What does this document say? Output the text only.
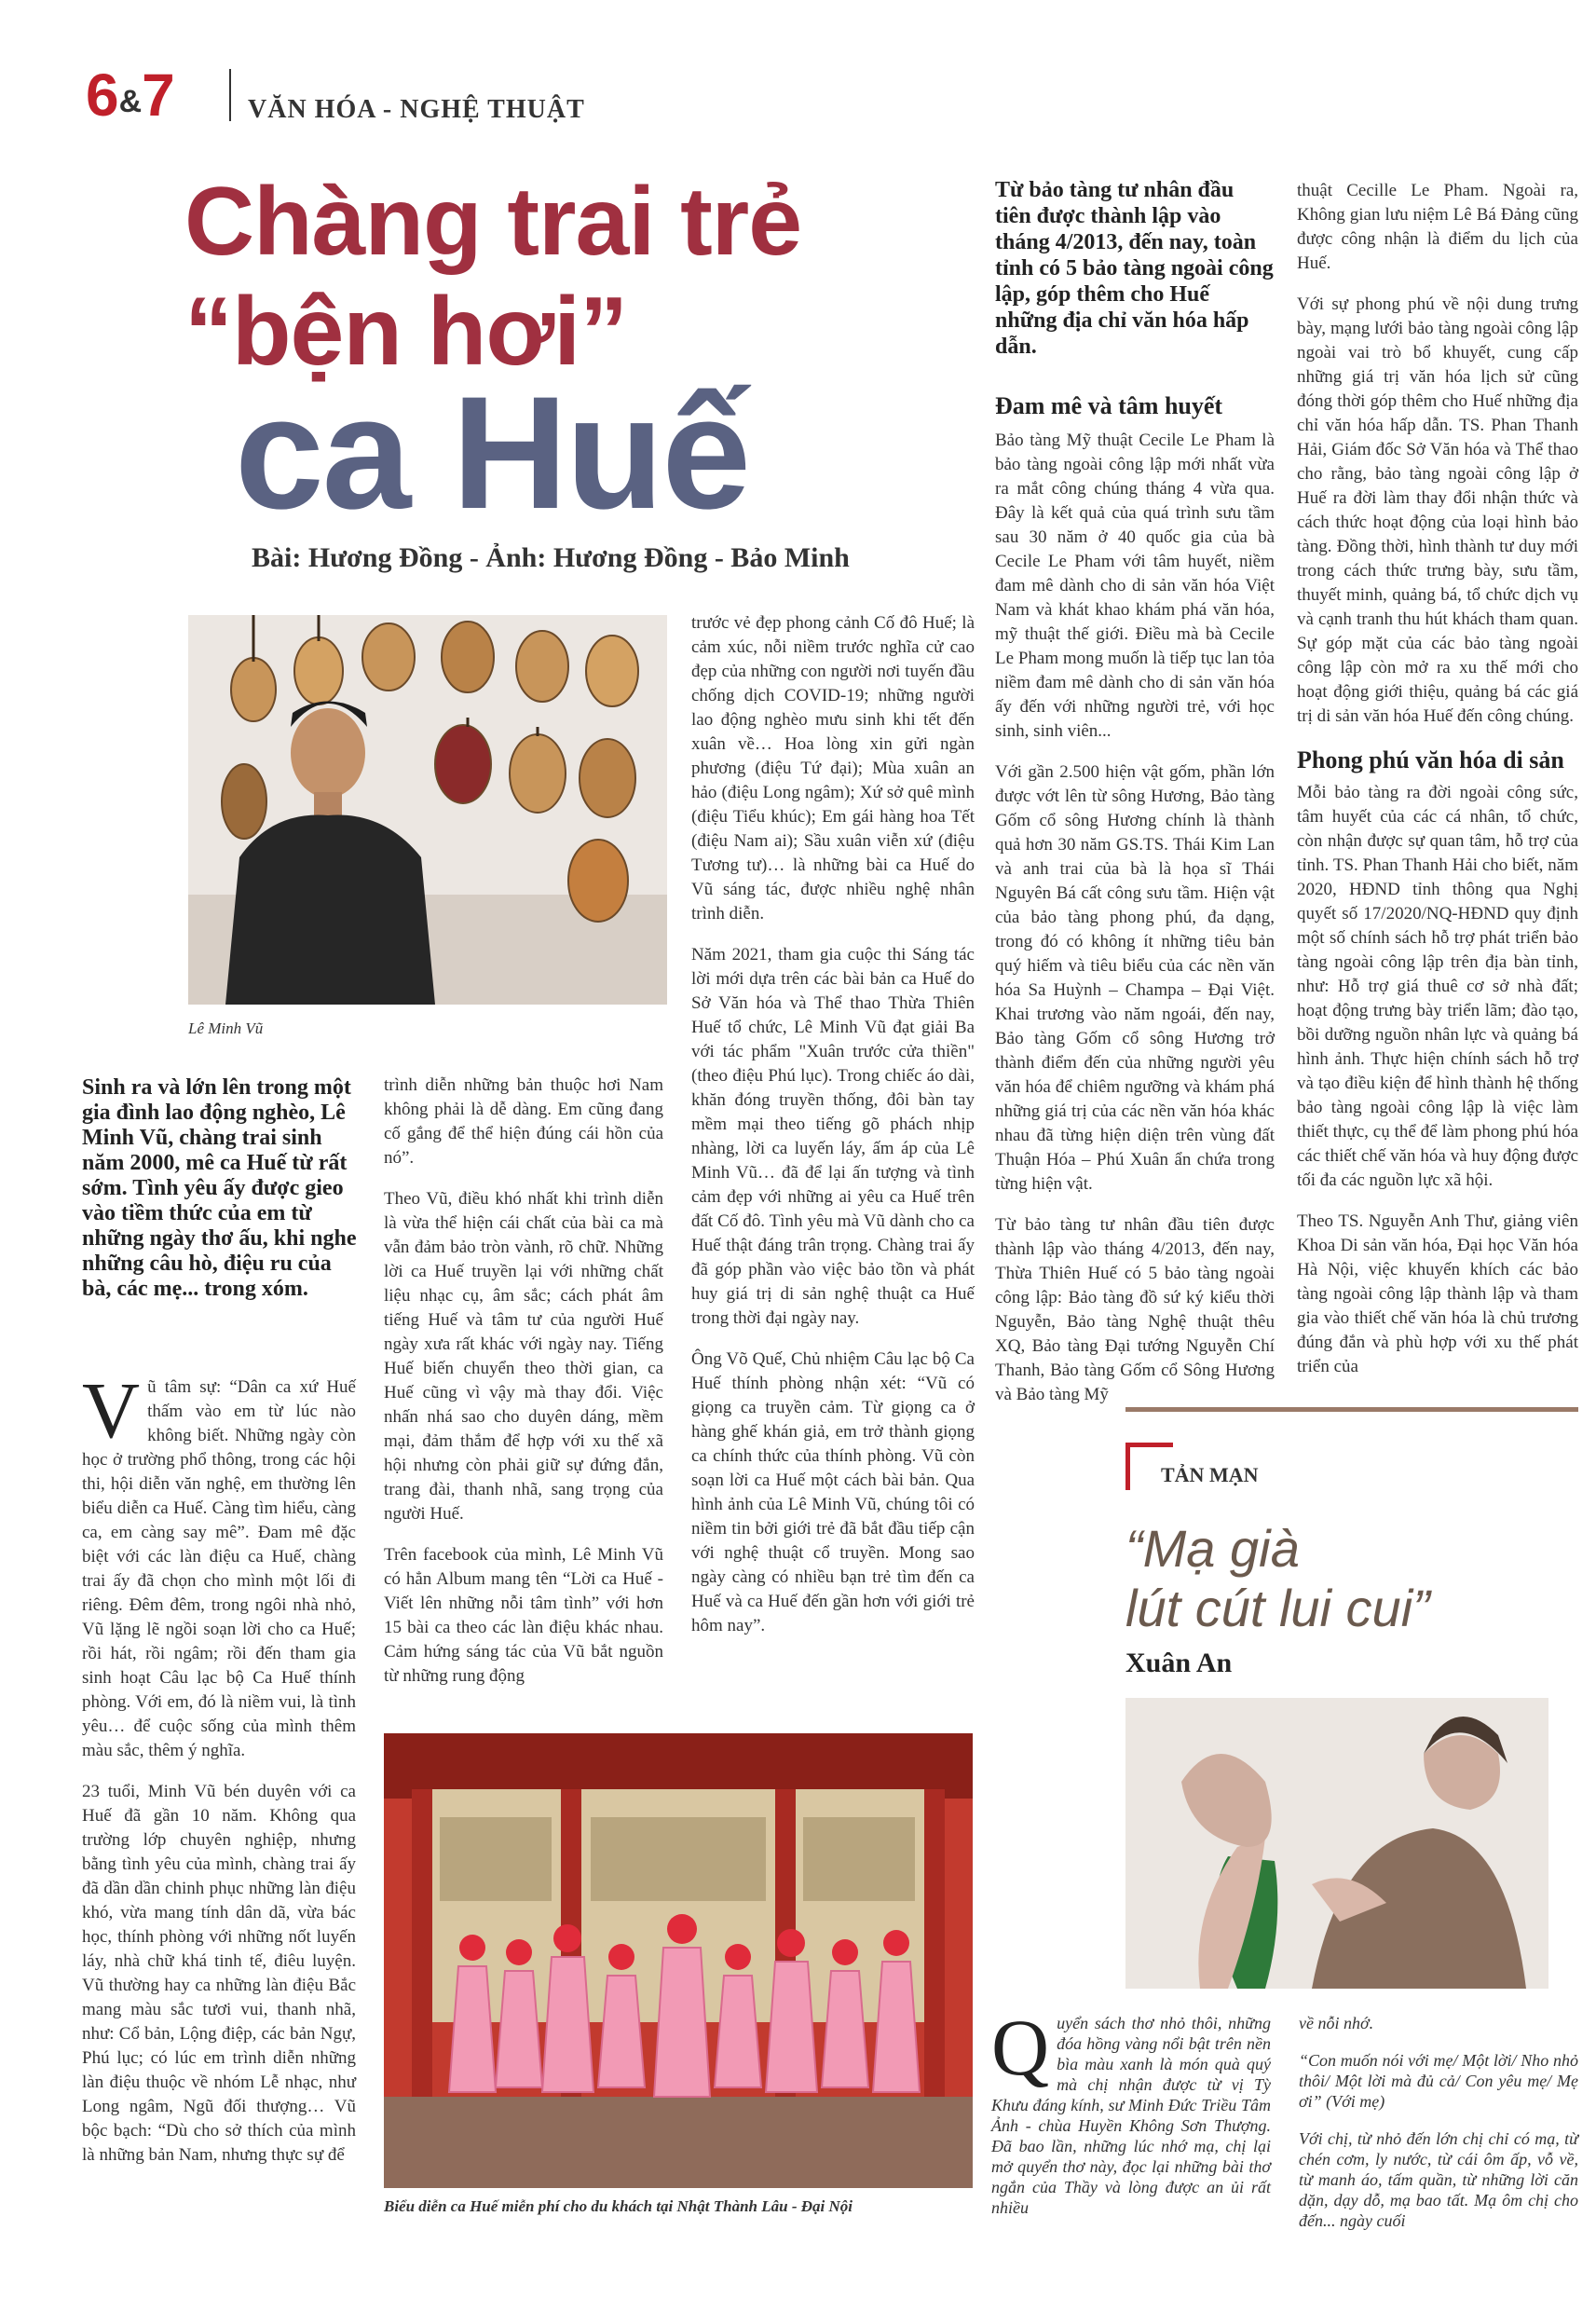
6&7	VĂN HÓA - NGHỆ THUẬT
Chàng trai trẻ
“bện hơi”
ca Huế
Bài: Hương Đồng - Ảnh: Hương Đồng - Bảo Minh
Lê Minh Vũ
Sinh ra và lớn lên trong một gia đình lao động nghèo, Lê Minh Vũ, chàng trai sinh năm 2000, mê ca Huế từ rất sớm. Tình yêu ấy được gieo vào tiềm thức của em từ những ngày thơ ấu, khi nghe những câu hò, điệu ru của bà, các mẹ... trong xóm.

Vũ tâm sự: “Dân ca xứ Huế thấm vào em từ lúc nào không biết. Những ngày còn học ở trường phổ thông, trong các hội thi, hội diễn văn nghệ, em thường lên biểu diễn ca Huế. Càng tìm hiểu, càng ca, em càng say mê”. Đam mê đặc biệt với các làn điệu ca Huế, chàng trai ấy đã chọn cho mình một lối đi riêng. Đêm đêm, trong ngôi nhà nhỏ, Vũ lặng lẽ ngồi soạn lời cho ca Huế; rồi hát, rồi ngâm; rồi đến tham gia sinh hoạt Câu lạc bộ Ca Huế thính phòng. Với em, đó là niềm vui, là tình yêu… để cuộc sống của mình thêm màu sắc, thêm ý nghĩa.

23 tuổi, Minh Vũ bén duyên với ca Huế đã gần 10 năm. Không qua trường lớp chuyên nghiệp, nhưng bằng tình yêu của mình, chàng trai ấy đã dần dần chinh phục những làn điệu khó, vừa mang tính dân dã, vừa bác học, thính phòng với những nốt luyến láy, nhà chữ khá tinh tế, điêu luyện. Vũ thường hay ca những làn điệu Bắc mang màu sắc tươi vui, thanh nhã, như: Cổ bản, Lộng điệp, các bản Ngự, Phú lục; có lúc em trình diễn những làn điệu thuộc về nhóm Lễ nhạc, như Long ngâm, Ngũ đối thượng… Vũ bộc bạch: “Dù cho sở thích của mình là những bản Nam, nhưng thực sự để

trình diễn những bản thuộc hơi Nam không phải là dễ dàng. Em cũng đang cố gắng để thể hiện đúng cái hồn của nó”.

Theo Vũ, điều khó nhất khi trình diễn là vừa thể hiện cái chất của bài ca mà vẫn đảm bảo tròn vành, rõ chữ. Những lời ca Huế truyền lại với những chất liệu nhạc cụ, âm sắc; cách phát âm tiếng Huế và tâm tư của người Huế ngày xưa rất khác với ngày nay. Tiếng Huế biến chuyển theo thời gian, ca Huế cũng vì vậy mà thay đổi. Việc nhấn nhá sao cho duyên dáng, mềm mại, đảm thắm để hợp với xu thế xã hội nhưng còn phải giữ sự đứng đắn, trang đài, thanh nhã, sang trọng của người Huế.

Trên facebook của mình, Lê Minh Vũ có hẳn Album mang tên “Lời ca Huế - Viết lên những nỗi tâm tình” với hơn 15 bài ca theo các làn điệu khác nhau. Cảm hứng sáng tác của Vũ bắt nguồn từ những rung động

trước vẻ đẹp phong cảnh Cố đô Huế; là cảm xúc, nỗi niềm trước nghĩa cử cao đẹp của những con người nơi tuyến đầu chống dịch COVID-19; những người lao động nghèo mưu sinh khi tết đến xuân về… Hoa lòng xin gửi ngàn phương (điệu Tứ đại); Mùa xuân an hảo (điệu Long ngâm); Xứ sở quê mình (điệu Tiểu khúc); Em gái hàng hoa Tết (điệu Nam ai); Sầu xuân viễn xứ (điệu Tương tư)… là những bài ca Huế do Vũ sáng tác, được nhiều nghệ nhân trình diễn.

Năm 2021, tham gia cuộc thi Sáng tác lời mới dựa trên các bài bản ca Huế do Sở Văn hóa và Thể thao Thừa Thiên Huế tổ chức, Lê Minh Vũ đạt giải Ba với tác phẩm "Xuân trước cửa thiền" (theo điệu Phú lục). Trong chiếc áo dài, khăn đóng truyền thống, đôi bàn tay mềm mại theo tiếng gõ phách nhịp nhàng, lời ca luyến láy, ấm áp của Lê Minh Vũ… đã để lại ấn tượng và tình cảm đẹp với những ai yêu ca Huế trên đất Cố đô. Tình yêu mà Vũ dành cho ca Huế thật đáng trân trọng. Chàng trai ấy đã góp phần vào việc bảo tồn và phát huy giá trị di sản nghệ thuật ca Huế trong thời đại ngày nay.

Ông Võ Quế, Chủ nhiệm Câu lạc bộ Ca Huế thính phòng nhận xét: “Vũ có giọng ca truyền cảm. Từ giọng ca ở hàng ghế khán giả, em trở thành giọng ca chính thức của thính phòng. Vũ còn soạn lời ca Huế một cách bài bản. Qua hình ảnh của Lê Minh Vũ, chúng tôi có niềm tin bởi giới trẻ đã bắt đầu tiếp cận với nghệ thuật cổ truyền. Mong sao ngày càng có nhiều bạn trẻ tìm đến ca Huế và ca Huế đến gần hơn với giới trẻ hôm nay”.

Biểu diễn ca Huế miễn phí cho du khách tại Nhật Thành Lâu - Đại Nội
Từ bảo tàng tư nhân đầu tiên được thành lập vào tháng 4/2013, đến nay, toàn tỉnh có 5 bảo tàng ngoài công lập, góp thêm cho Huế những địa chỉ văn hóa hấp dẫn.
Đam mê và tâm huyết

Bảo tàng Mỹ thuật Cecile Le Pham là bảo tàng ngoài công lập mới nhất vừa ra mắt công chúng tháng 4 vừa qua. Đây là kết quả của quá trình sưu tầm sau 30 năm ở 40 quốc gia của bà Cecile Le Pham với tâm huyết, niềm đam mê dành cho di sản văn hóa Việt Nam và khát khao khám phá văn hóa, mỹ thuật thế giới. Điều mà bà Cecile Le Pham mong muốn là tiếp tục lan tỏa niềm đam mê dành cho di sản văn hóa ấy đến với những người trẻ, với học sinh, sinh viên...

Với gần 2.500 hiện vật gốm, phần lớn được vớt lên từ sông Hương, Bảo tàng Gốm cổ sông Hương chính là thành quả hơn 30 năm GS.TS. Thái Kim Lan và anh trai của bà là họa sĩ Thái Nguyên Bá cất công sưu tầm. Hiện vật của bảo tàng phong phú, đa dạng, trong đó có không ít những tiêu bản quý hiếm và tiêu biểu của các nền văn hóa Sa Huỳnh – Champa – Đại Việt. Khai trương vào năm ngoái, đến nay, Bảo tàng Gốm cổ sông Hương trở thành điểm đến của những người yêu văn hóa để chiêm ngưỡng và khám phá những giá trị của các nền văn hóa khác nhau đã từng hiện diện trên vùng đất Thuận Hóa – Phú Xuân ẩn chứa trong từng hiện vật.

Từ bảo tàng tư nhân đầu tiên được thành lập vào tháng 4/2013, đến nay, Thừa Thiên Huế có 5 bảo tàng ngoài công lập: Bảo tàng đồ sứ ký kiểu thời Nguyễn, Bảo tàng Nghệ thuật thêu XQ, Bảo tàng Đại tướng Nguyễn Chí Thanh, Bảo tàng Gốm cổ Sông Hương và Bảo tàng Mỹ

thuật Cecille Le Pham. Ngoài ra, Không gian lưu niệm Lê Bá Đảng cũng được công nhận là điểm du lịch của Huế.

Với sự phong phú về nội dung trưng bày, mạng lưới bảo tàng ngoài công lập ngoài vai trò bổ khuyết, cung cấp những giá trị văn hóa lịch sử cũng đóng thời góp thêm cho Huế những địa chỉ văn hóa hấp dẫn. TS. Phan Thanh Hải, Giám đốc Sở Văn hóa và Thể thao cho rằng, bảo tàng ngoài công lập ở Huế ra đời làm thay đổi nhận thức và cách thức hoạt động của loại hình bảo tàng. Đồng thời, hình thành tư duy mới trong cách thức trưng bày, sưu tầm, thuyết minh, quảng bá, tổ chức dịch vụ và cạnh tranh thu hút khách tham quan. Sự góp mặt của các bảo tàng ngoài công lập còn mở ra xu thế mới cho hoạt động giới thiệu, quảng bá các giá trị di sản văn hóa Huế đến công chúng.

Phong phú văn hóa di sản

Mỗi bảo tàng ra đời ngoài công sức, tâm huyết của các cá nhân, tổ chức, còn nhận được sự quan tâm, hỗ trợ của tỉnh. TS. Phan Thanh Hải cho biết, năm 2020, HĐND tỉnh thông qua Nghị quyết số 17/2020/NQ-HĐND quy định một số chính sách hỗ trợ phát triển bảo tàng ngoài công lập trên địa bàn tỉnh, như: Hỗ trợ giá thuê cơ sở nhà đất; hoạt động trưng bày triển lãm; đào tạo, bồi dưỡng nguồn nhân lực và quảng bá hình ảnh. Thực hiện chính sách hỗ trợ và tạo điều kiện để hình thành hệ thống bảo tàng ngoài công lập là việc làm thiết thực, cụ thể để làm phong phú hóa các thiết chế văn hóa và huy động được tối đa các nguồn lực xã hội.

Theo TS. Nguyễn Anh Thư, giảng viên Khoa Di sản văn hóa, Đại học Văn hóa Hà Nội, việc khuyến khích các bảo tàng ngoài công lập thành lập và tham gia vào thiết chế văn hóa là chủ trương đúng đắn và phù hợp với xu thế phát triển của

TẢN MẠN
“Mạ già
lút cút lui cui”
Xuân An

Quyển sách thơ nhỏ thôi, những đóa hồng vàng nổi bật trên nền bìa màu xanh là món quà quý mà chị nhận được từ vị Tỳ Khưu đáng kính, sư Minh Đức Triều Tâm Ảnh - chùa Huyền Không Sơn Thượng. Đã bao lần, những lúc nhớ mạ, chị lại mở quyển thơ này, đọc lại những bài thơ ngắn của Thầy và lòng được an ủi rất nhiều

về nỗi nhớ.

“Con muốn nói với mẹ/ Một lời/ Nho nhỏ thôi/ Một lời mà đủ cả/ Con yêu mẹ/ Mẹ ơi” (Với mẹ)

Với chị, từ nhỏ đến lớn chị chỉ có mạ, từ chén cơm, ly nước, từ cái ôm ấp, vỗ về, từ manh áo, tấm quần, từ những lời căn dặn, dạy dỗ, mạ bao tất. Mạ ôm chị cho đến... ngày cuối
